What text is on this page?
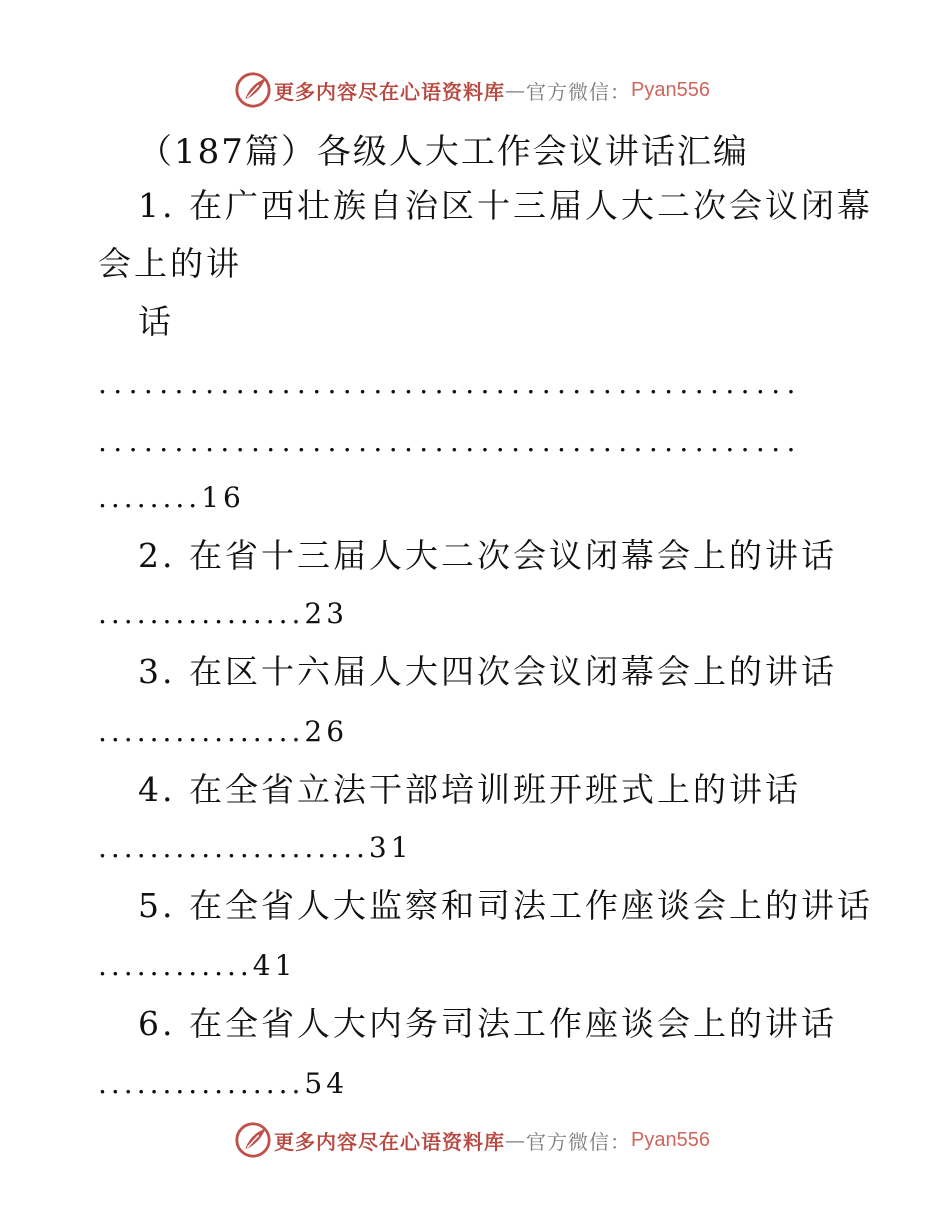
更多内容尽在心语资料库 — 官方微信： Pyan556
（187篇）各级人大工作会议讲话汇编
1. 在广西壮族自治区十三届人大二次会议闭幕
会上的讲
话
..............................................
..............................................
........16
2. 在省十三届人大二次会议闭幕会上的讲话
................23
3. 在区十六届人大四次会议闭幕会上的讲话
................26
4. 在全省立法干部培训班开班式上的讲话
.....................31
5. 在全省人大监察和司法工作座谈会上的讲话
............41
6. 在全省人大内务司法工作座谈会上的讲话
................54
更多内容尽在心语资料库 — 官方微信： Pyan556
